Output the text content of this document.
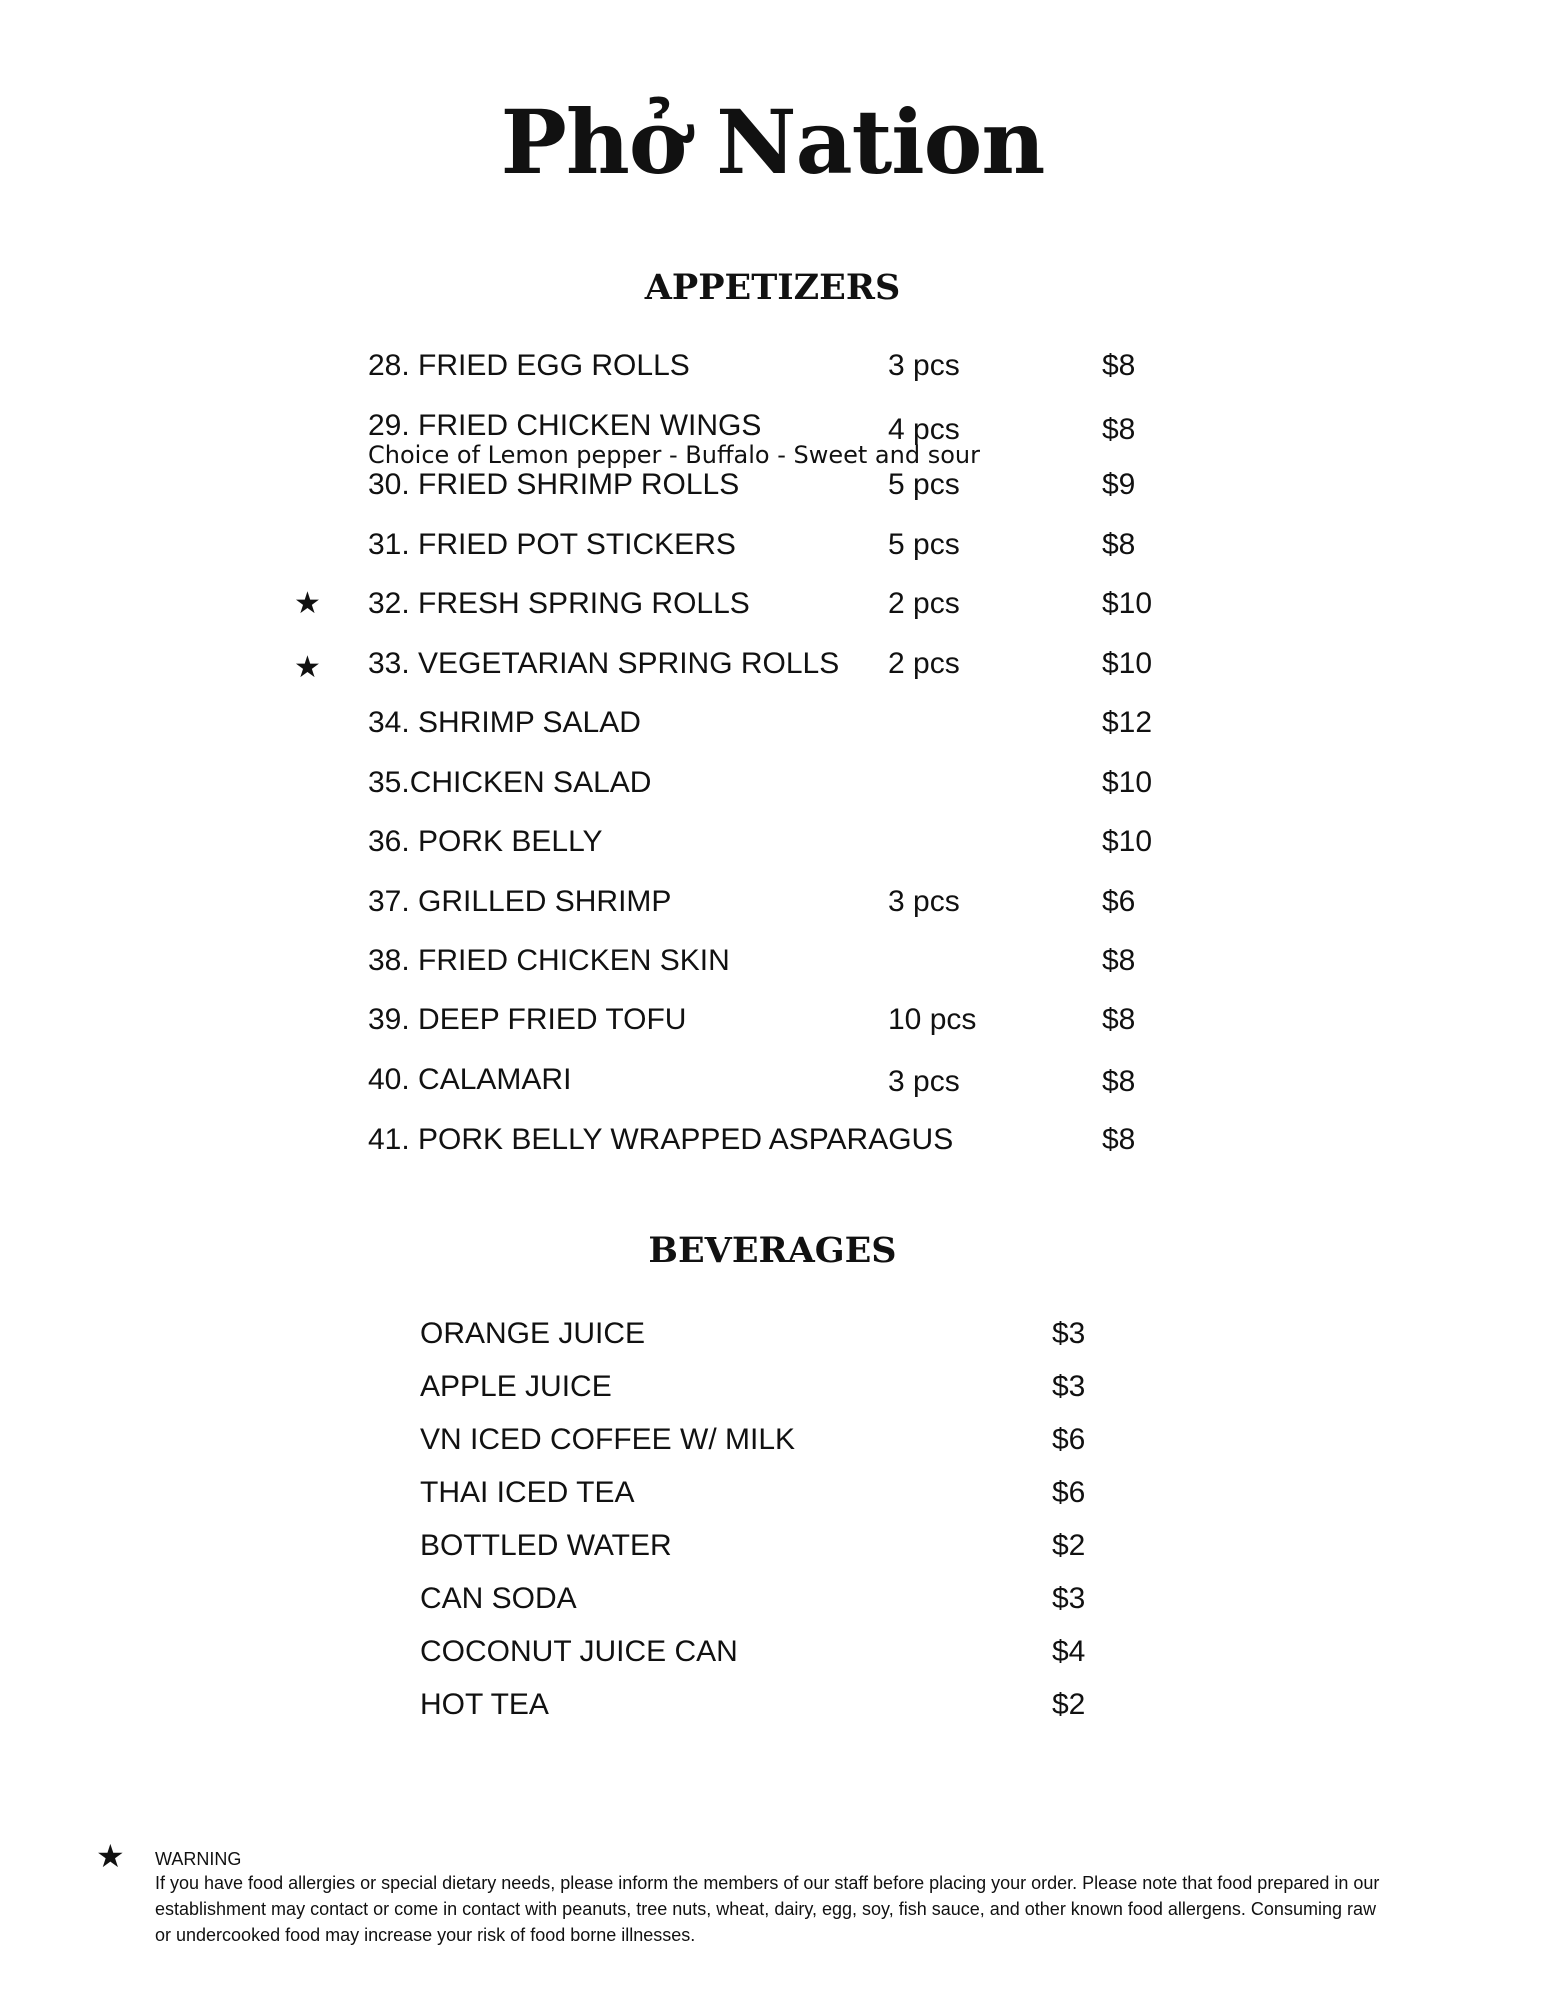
Phở Nation
APPETIZERS
28. FRIED EGG ROLLS	3 pcs	$8
29. FRIED CHICKEN WINGS	4 pcs	$8
Choice of Lemon pepper - Buffalo - Sweet and sour
30. FRIED SHRIMP ROLLS	5 pcs	$9
31. FRIED POT STICKERS	5 pcs	$8
★ 32. FRESH SPRING ROLLS	2 pcs	$10
★ 33. VEGETARIAN SPRING ROLLS 2 pcs	$10
34. SHRIMP SALAD	$12
35.CHICKEN SALAD	$10
36. PORK BELLY	$10
37. GRILLED SHRIMP	3 pcs	$6
38. FRIED CHICKEN SKIN	$8
39. DEEP FRIED TOFU	10 pcs	$8
40. CALAMARI	3 pcs	$8
41. PORK BELLY WRAPPED ASPARAGUS	$8
BEVERAGES
ORANGE JUICE	$3
APPLE JUICE	$3
VN ICED COFFEE W/ MILK	$6
THAI ICED TEA	$6
BOTTLED WATER	$2
CAN SODA	$3
COCONUT JUICE CAN	$4
HOT TEA	$2
★ WARNING
If you have food allergies or special dietary needs, please inform the members of our staff before placing your order. Please note that food prepared in our establishment may contact or come in contact with peanuts, tree nuts, wheat, dairy, egg, soy, fish sauce, and other known food allergens. Consuming raw or undercooked food may increase your risk of food borne illnesses.
